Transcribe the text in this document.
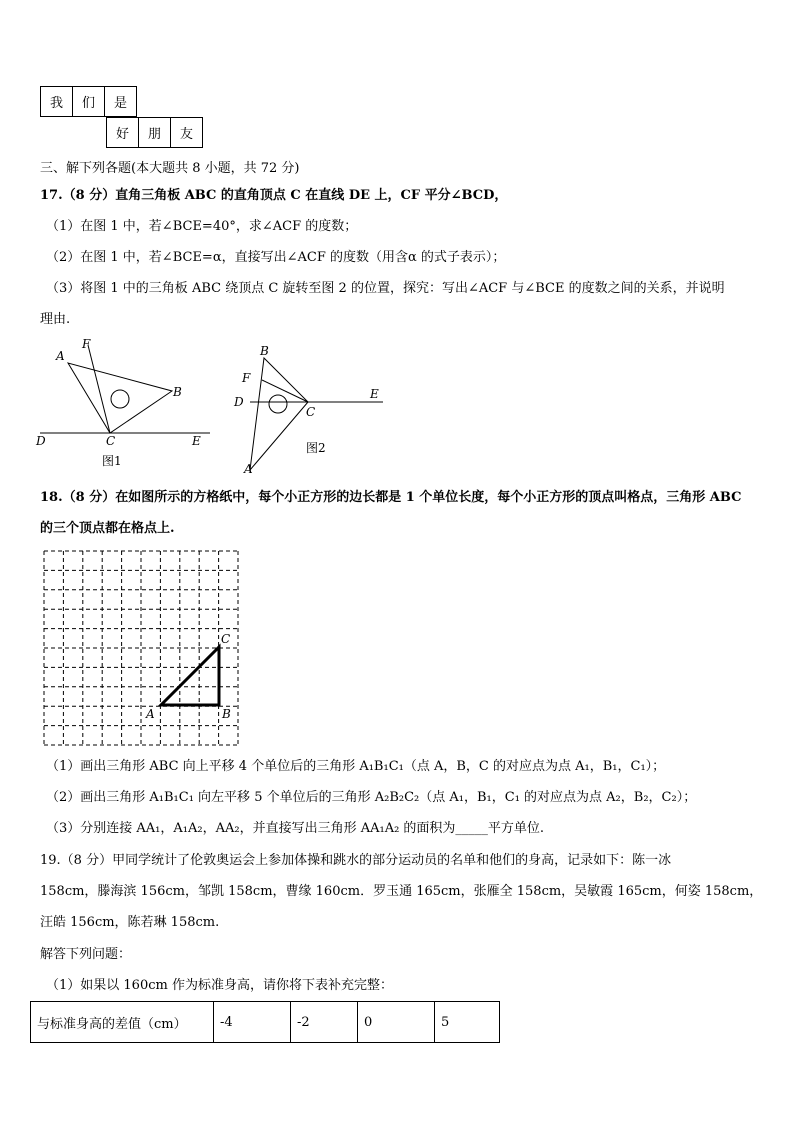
我	们	是
好	朋	友
三、解下列各题(本大题共 8 小题，共 72 分)
17.（8 分）直角三角板 ABC 的直角顶点 C 在直线 DE 上，CF 平分∠BCD，
（1）在图 1 中，若∠BCE=40°，求∠ACF 的度数；
（2）在图 1 中，若∠BCE=α，直接写出∠ACF 的度数（用含α 的式子表示）；
（3）将图 1 中的三角板 ABC 绕顶点 C 旋转至图 2 的位置，探究：写出∠ACF 与∠BCE 的度数之间的关系，并说明
理由.
A
F
B
D	C	E
图1
B
F
D
C
E
图2
A
18.（8 分）在如图所示的方格纸中，每个小正方形的边长都是 1 个单位长度，每个小正方形的顶点叫格点，三角形 ABC
的三个顶点都在格点上.
A	B
C
（1）画出三角形 ABC 向上平移 4 个单位后的三角形 A₁B₁C₁（点 A，B，C 的对应点为点 A₁，B₁，C₁）；
（2）画出三角形 A₁B₁C₁ 向左平移 5 个单位后的三角形 A₂B₂C₂（点 A₁，B₁，C₁ 的对应点为点 A₂，B₂，C₂）；
（3）分别连接 AA₁，A₁A₂，AA₂，并直接写出三角形 AA₁A₂ 的面积为_____平方单位.
19.（8 分）甲同学统计了伦敦奥运会上参加体操和跳水的部分运动员的名单和他们的身高，记录如下：陈一冰
158cm，滕海滨 156cm，邹凯 158cm，曹缘 160cm．罗玉通 165cm，张雁全 158cm，吴敏霞 165cm，何姿 158cm，
汪皓 156cm，陈若琳 158cm.
解答下列问题：
（1）如果以 160cm 作为标准身高，请你将下表补充完整：
与标准身高的差值（cm）	-4	-2	0	5
